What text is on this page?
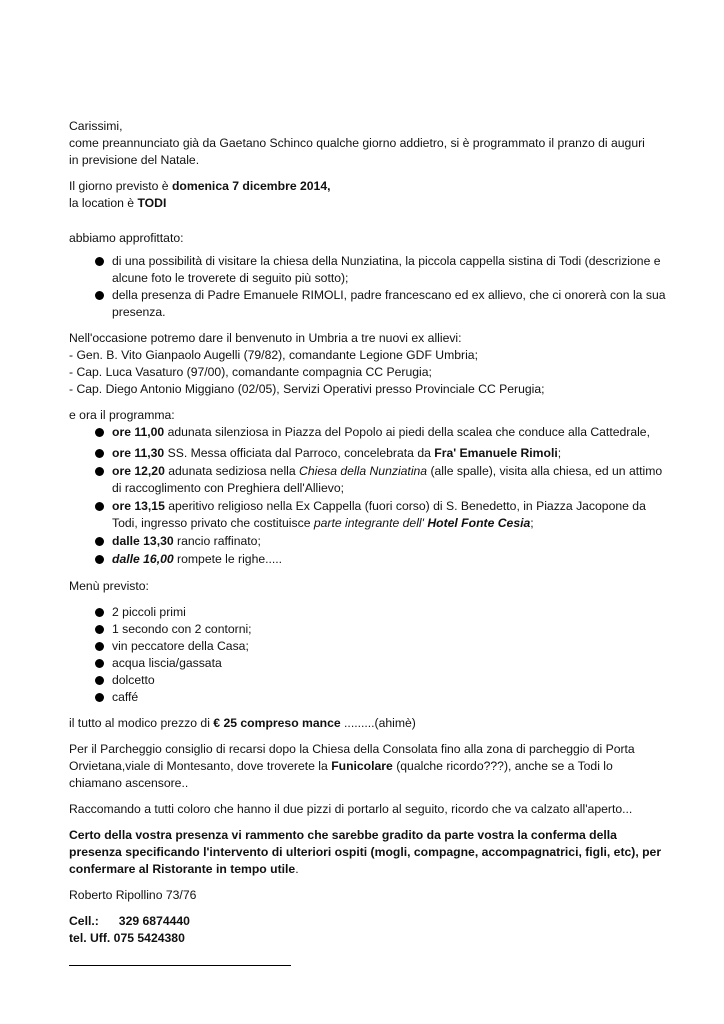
Carissimi,

come preannunciato già da Gaetano Schinco qualche giorno addietro, si è programmato il pranzo di auguri

in previsione del Natale.

Il giorno previsto è domenica 7 dicembre 2014,

la location è TODI

abbiamo approfittato:

di una possibilità di visitare la chiesa della Nunziatina, la piccola cappella sistina di Todi (descrizione e alcune foto le troverete di seguito più sotto);
della presenza di Padre Emanuele RIMOLI, padre francescano ed ex allievo, che ci onorerà con la sua presenza.

Nell'occasione potremo dare il benvenuto in Umbria a tre nuovi ex allievi:

- Gen. B. Vito Gianpaolo Augelli (79/82), comandante Legione GDF Umbria;

- Cap. Luca Vasaturo (97/00), comandante compagnia CC Perugia;

- Cap. Diego Antonio Miggiano (02/05), Servizi Operativi presso Provinciale CC Perugia;

e ora il programma:

ore 11,00 adunata silenziosa in Piazza del Popolo ai piedi della scalea che conduce alla Cattedrale,
ore 11,30 SS. Messa officiata dal Parroco, concelebrata da Fra' Emanuele Rimoli;
ore 12,20 adunata sediziosa nella Chiesa della Nunziatina (alle spalle), visita alla chiesa, ed un attimo di raccoglimento con Preghiera dell'Allievo;
ore 13,15 aperitivo religioso nella Ex Cappella (fuori corso) di S. Benedetto, in Piazza Jacopone da Todi, ingresso privato che costituisce parte integrante dell' Hotel Fonte Cesia;
dalle 13,30 rancio raffinato;
dalle 16,00 rompete le righe.....

Menù previsto:

2 piccoli primi
1 secondo con 2 contorni;
vin peccatore della Casa;
acqua liscia/gassata
dolcetto
caffé

il tutto al modico prezzo di € 25 compreso mance .........(ahimè)

Per il Parcheggio consiglio di recarsi dopo la Chiesa della Consolata fino alla zona di parcheggio di Porta Orvietana,viale di Montesanto, dove troverete la Funicolare (qualche ricordo???), anche se a Todi lo chiamano ascensore..

Raccomando a tutti coloro che hanno il due pizzi di portarlo al seguito, ricordo che va calzato all'aperto...

Certo della vostra presenza vi rammento che sarebbe gradito da parte vostra la conferma della presenza specificando l'intervento di ulteriori ospiti (mogli, compagne, accompagnatrici, figli, etc), per confermare al Ristorante in tempo utile.

Roberto Ripollino 73/76

Cell.: 329 6874440

tel. Uff. 075 5424380
